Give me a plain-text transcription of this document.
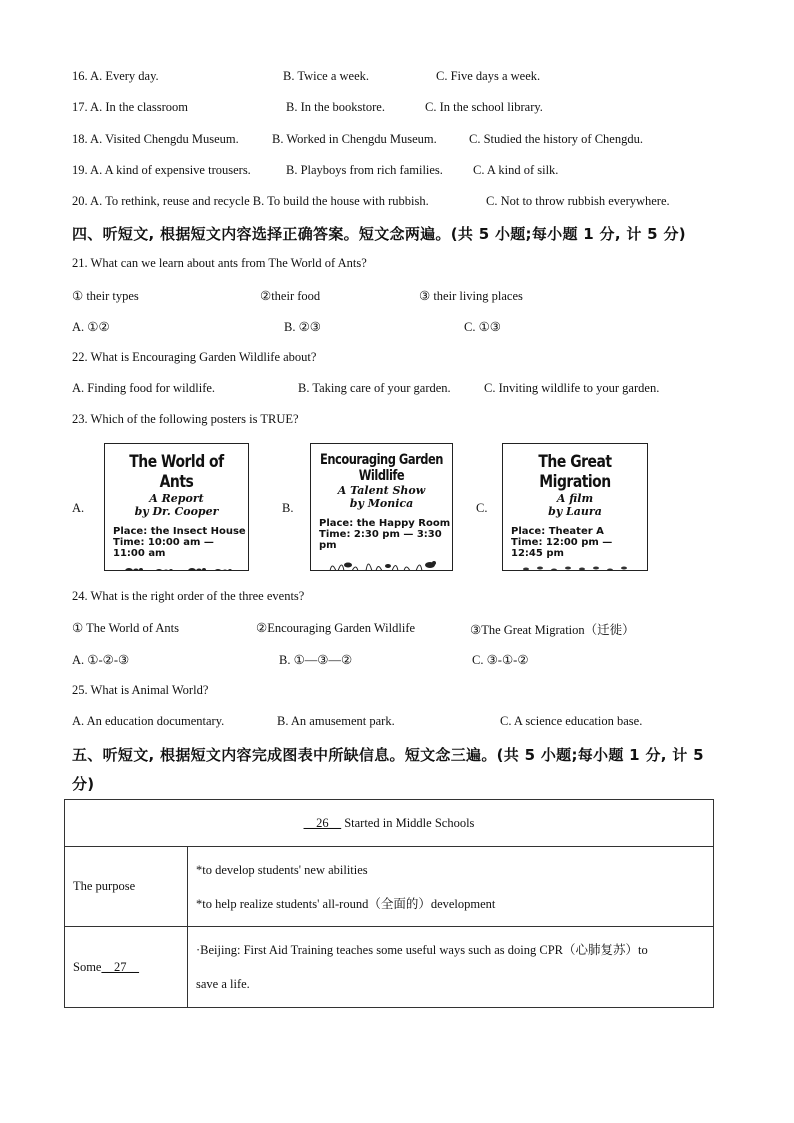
16. A. Every day.	B. Twice a week.	C. Five days a week.
17. A. In the classroom	B. In the bookstore.	C. In the school library.
18. A. Visited Chengdu Museum.	B. Worked in Chengdu Museum.	C. Studied the history of Chengdu.
19. A. A kind of expensive trousers.	B. Playboys from rich families. C. A kind of silk.
20. A. To rethink, reuse and recycle B. To build the house with rubbish.	C. Not to throw rubbish everywhere.
四、听短文, 根据短文内容选择正确答案。短文念两遍。(共 5 小题;每小题 1 分, 计 5 分)
21. What can we learn about ants from The World of Ants?
① their types	②their food	③ their living places
A. ①②	B. ②③	C. ①③
22. What is Encouraging Garden Wildlife about?
A. Finding food for wildlife.	B. Taking care of your garden.	C. Inviting wildlife to your garden.
23. Which of the following posters is TRUE?
A.	B.	C.
The World of Ants
A Report
by Dr. Cooper
Place: the Insect House
Time: 10:00 am — 11:00 am
Encouraging Garden Wildlife
A Talent Show
by Monica
Place: the Happy Room
Time: 2:30 pm — 3:30 pm
The Great Migration
A film
by Laura
Place: Theater A
Time: 12:00 pm — 12:45 pm
24. What is the right order of the three events?
① The World of Ants	②Encouraging Garden Wildlife	③The Great Migration（迁徙）
A. ①-②-③	B. ①—③—②	C. ③-①-②
25. What is Animal World?
A. An education documentary.	B. An amusement park.	C. A science education base.
五、听短文, 根据短文内容完成图表中所缺信息。短文念三遍。(共 5 小题;每小题 1 分, 计 5
分)
__26__ Started in Middle Schools	
The purpose	*to develop students' new abilities
*to help realize students' all-round（全面的）development

Some__27__	·Beijing: First Aid Training teaches some useful ways such as doing CPR（心肺复苏）to
save a life.
